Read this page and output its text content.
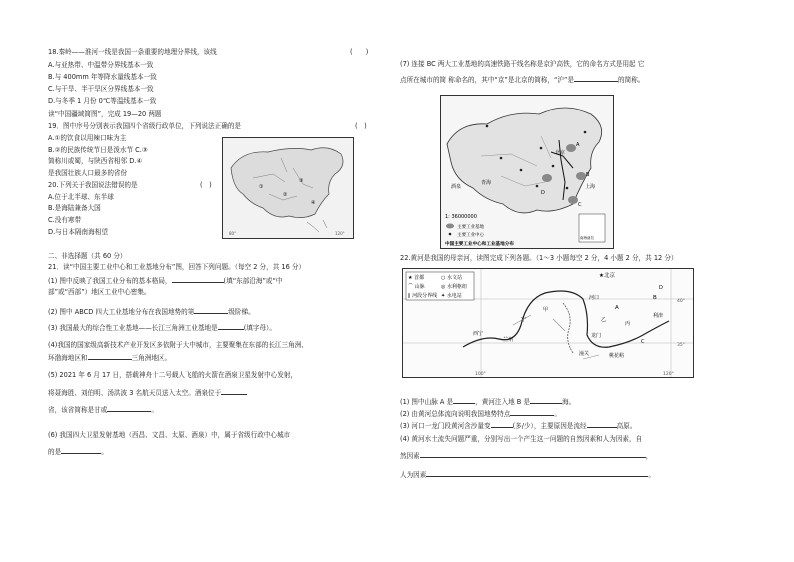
18.秦岭——淮河一线是我国一条重要的地理分界线，该线	(　　)
A.与亚热带、中温带分界线基本一致
B.与 400mm 年等降水量线基本一致
C.与干旱、半干旱区分界线基本一致
D.与冬季 1 月份 0℃等温线基本一致
读“中国疆域简图”，完成 19—20 两题
19．图中序号分别表示我国四个省级行政单位，下列说法正确的是	(　)
A.①的饮食以用辣口味为主
B.②的民族传统节日是泼水节 C.③
简称川或蜀，与陕西省相邻 D.④
是我国壮族人口最多的省份
20.下列关于我国说法错误的是	(　)
A.位于北半球、东半球
B.是海陆兼备大国
C.没有寒带
D.与日本隔南海相望
①
②
③
④
80°	120°
二、非选择题（共 60 分）
21．读“中国主要工业中心和工业基地分布”图，回答下列问题。（每空 2 分，共 16 分）
(1) 图中反映了我国工业分布的基本格局，	(填“东部沿海”或“中
部”或“西部”）地区工业中心密集。
(2) 图中 ABCD 四大工业基地分布在我国地势的第	级阶梯。
(3) 我国最大的综合性工业基地——长江三角洲工业基地是	(填字母）。
(4)我国的国家级高新技术产业开发区多依附于大中城市，主要聚集在东部的长江三角洲、
环渤海地区和	三角洲地区。
(5) 2021 年 6 月 17 日，搭载神舟十二号载人飞船的火箭在酒泉卫星发射中心发射，
将聂海胜、刘伯明、汤洪波 3 名航天员送入太空。酒泉位于
省，该省简称是甘或	。
(6) 我国四大卫星发射基地（西昌、文昌、太原、酒泉）中，属于省级行政中心城市
的是	。
(7) 连接 BC 两大工业基地的高速铁路干线名称是京沪高铁，它的命名方式是用起 它
点所在城市的简 称命名的，其中“京”是北京的简称，“沪”是	的简称。
酒泉
A
北京
B
上海
C
D
青海
南海诸岛
1: 36000000
主要工业基地
主要工业中心
中国主要工业中心和工业基地分布
22.黄河是我国的母亲河，读图完成下列各题。（1～3 小题每空 2 分，4 小题 2 分，共 12 分）
★ 首都	○ 水文站
⌒ 山脉	◎ 水利枢纽
∥ 河段分界线 ✦ 水电站
★北京
兰州
河口
龙门
利津
潼关	桃花峪
西宁
宁
甲
乙
丙
A
B
D
C
40°
35°
100°	120°
(1) 图中山脉 A 是	，黄河注入地 B 是	海。
(2) 由黄河总体流向说明我国地势特点	。
(3) 河口一龙门段黄河含沙量变	(多/少），主要原因是流经	高原。
(4) 黄河水土流失问题严重，分别写出一个产生这一问题的自然因素和人为因素，自
然因素	，
人为因素	。
